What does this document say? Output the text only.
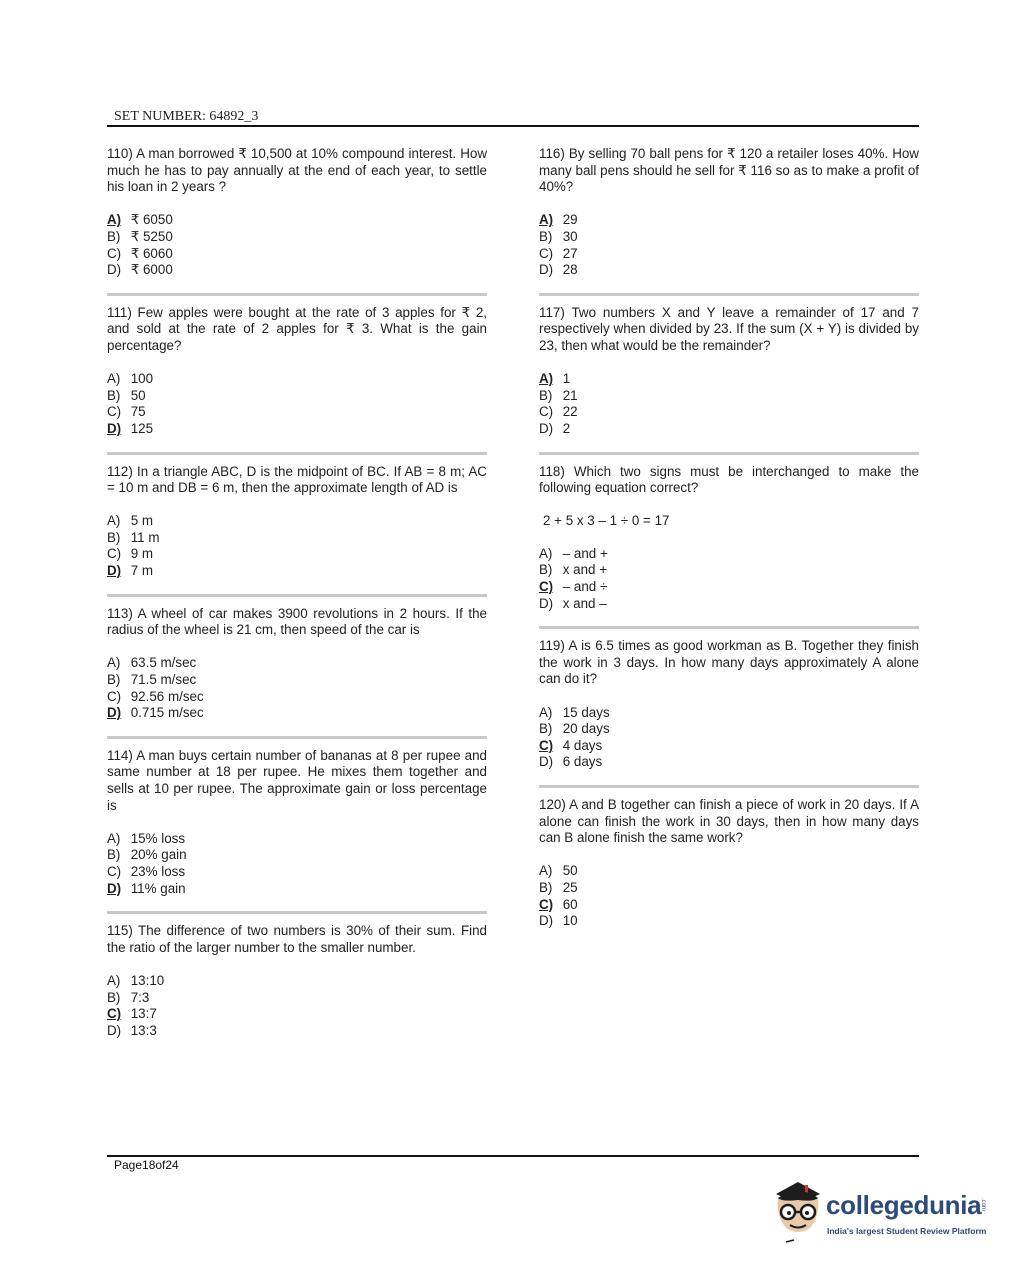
SET NUMBER: 64892_3

110) A man borrowed ₹ 10,500 at 10% compound interest. How much he has to pay annually at the end of each year, to settle his loan in 2 years ?

A) ₹ 6050
B) ₹ 5250
C) ₹ 6060
D) ₹ 6000

111) Few apples were bought at the rate of 3 apples for ₹ 2, and sold at the rate of 2 apples for ₹ 3. What is the gain percentage?

A) 100
B) 50
C) 75
D) 125

112) In a triangle ABC, D is the midpoint of BC. If AB = 8 m; AC = 10 m and DB = 6 m, then the approximate length of AD is

A) 5 m
B) 11 m
C) 9 m
D) 7 m

113) A wheel of car makes 3900 revolutions in 2 hours. If the radius of the wheel is 21 cm, then speed of the car is

A) 63.5 m/sec
B) 71.5 m/sec
C) 92.56 m/sec
D) 0.715 m/sec

114) A man buys certain number of bananas at 8 per rupee and same number at 18 per rupee. He mixes them together and sells at 10 per rupee. The approximate gain or loss percentage is

A) 15% loss
B) 20% gain
C) 23% loss
D) 11% gain

115) The difference of two numbers is 30% of their sum. Find the ratio of the larger number to the smaller number.

A) 13:10
B) 7:3
C) 13:7
D) 13:3

116) By selling 70 ball pens for ₹ 120 a retailer loses 40%. How many ball pens should he sell for ₹ 116 so as to make a profit of 40%?

A) 29
B) 30
C) 27
D) 28

117) Two numbers X and Y leave a remainder of 17 and 7 respectively when divided by 23. If the sum (X + Y) is divided by 23, then what would be the remainder?

A) 1
B) 21
C) 22
D) 2

118) Which two signs must be interchanged to make the following equation correct?

2 + 5 x 3 – 1 ÷ 0 = 17
A) – and +
B) x and +
C) – and ÷
D) x and –

119) A is 6.5 times as good workman as B. Together they finish the work in 3 days. In how many days approximately A alone can do it?

A) 15 days
B) 20 days
C) 4 days
D) 6 days

120) A and B together can finish a piece of work in 20 days. If A alone can finish the work in 30 days, then in how many days can B alone finish the same work?

A) 50
B) 25
C) 60
D) 10
Page18of24
collegedunia
.com
India's largest Student Review Platform
